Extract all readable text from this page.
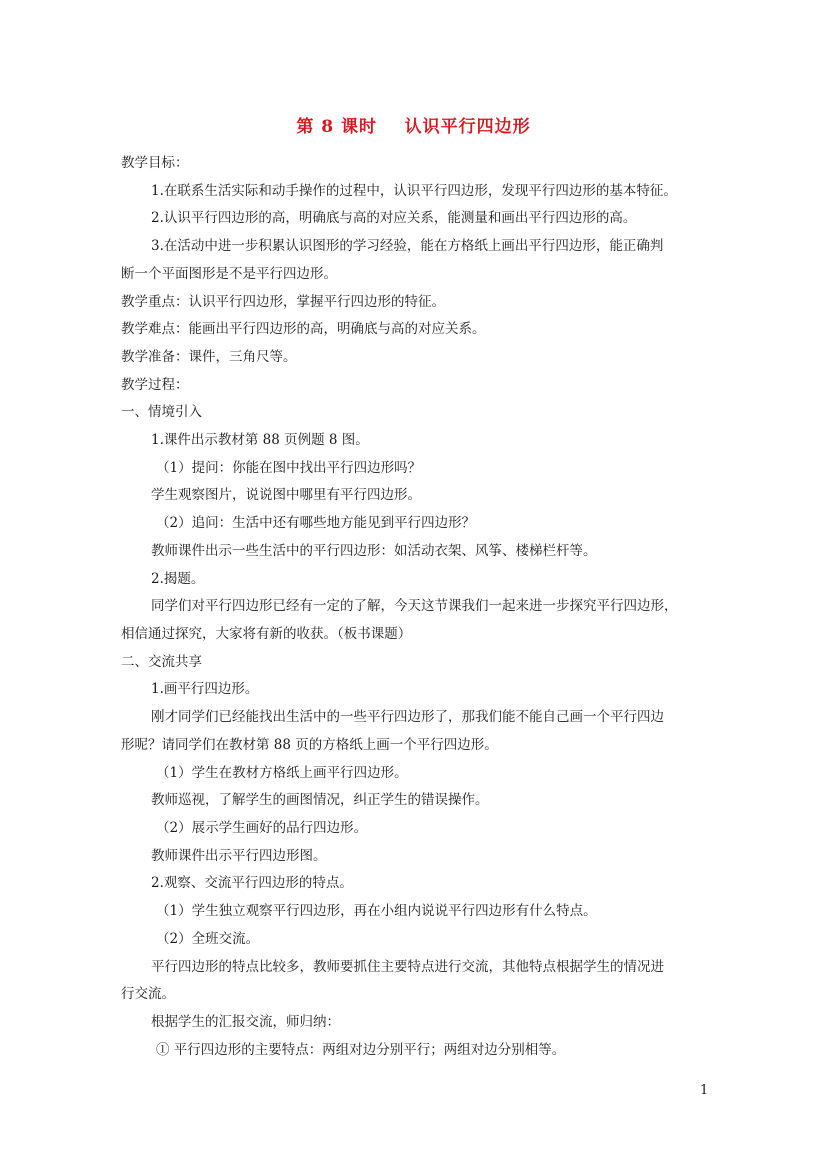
第 8 课时    认识平行四边形
教学目标：
1.在联系生活实际和动手操作的过程中，认识平行四边形，发现平行四边形的基本特征。
2.认识平行四边形的高，明确底与高的对应关系，能测量和画出平行四边形的高。
3.在活动中进一步积累认识图形的学习经验，能在方格纸上画出平行四边形，能正确判
断一个平面图形是不是平行四边形。
教学重点：认识平行四边形，掌握平行四边形的特征。
教学难点：能画出平行四边形的高，明确底与高的对应关系。
教学准备：课件，三角尺等。
教学过程：
一、情境引入
1.课件出示教材第 88 页例题 8 图。
（1）提问：你能在图中找出平行四边形吗？
学生观察图片，说说图中哪里有平行四边形。
（2）追问：生活中还有哪些地方能见到平行四边形？
教师课件出示一些生活中的平行四边形：如活动衣架、风筝、楼梯栏杆等。
2.揭题。
同学们对平行四边形已经有一定的了解，今天这节课我们一起来进一步探究平行四边形，
相信通过探究，大家将有新的收获。（板书课题）
二、交流共享
1.画平行四边形。
刚才同学们已经能找出生活中的一些平行四边形了，那我们能不能自己画一个平行四边
形呢？请同学们在教材第 88 页的方格纸上画一个平行四边形。
（1）学生在教材方格纸上画平行四边形。
教师巡视，了解学生的画图情况，纠正学生的错误操作。
（2）展示学生画好的品行四边形。
教师课件出示平行四边形图。
2.观察、交流平行四边形的特点。
（1）学生独立观察平行四边形，再在小组内说说平行四边形有什么特点。
（2）全班交流。
平行四边形的特点比较多，教师要抓住主要特点进行交流，其他特点根据学生的情况进
行交流。
根据学生的汇报交流，师归纳：
① 平行四边形的主要特点：两组对边分别平行；两组对边分别相等。
1
